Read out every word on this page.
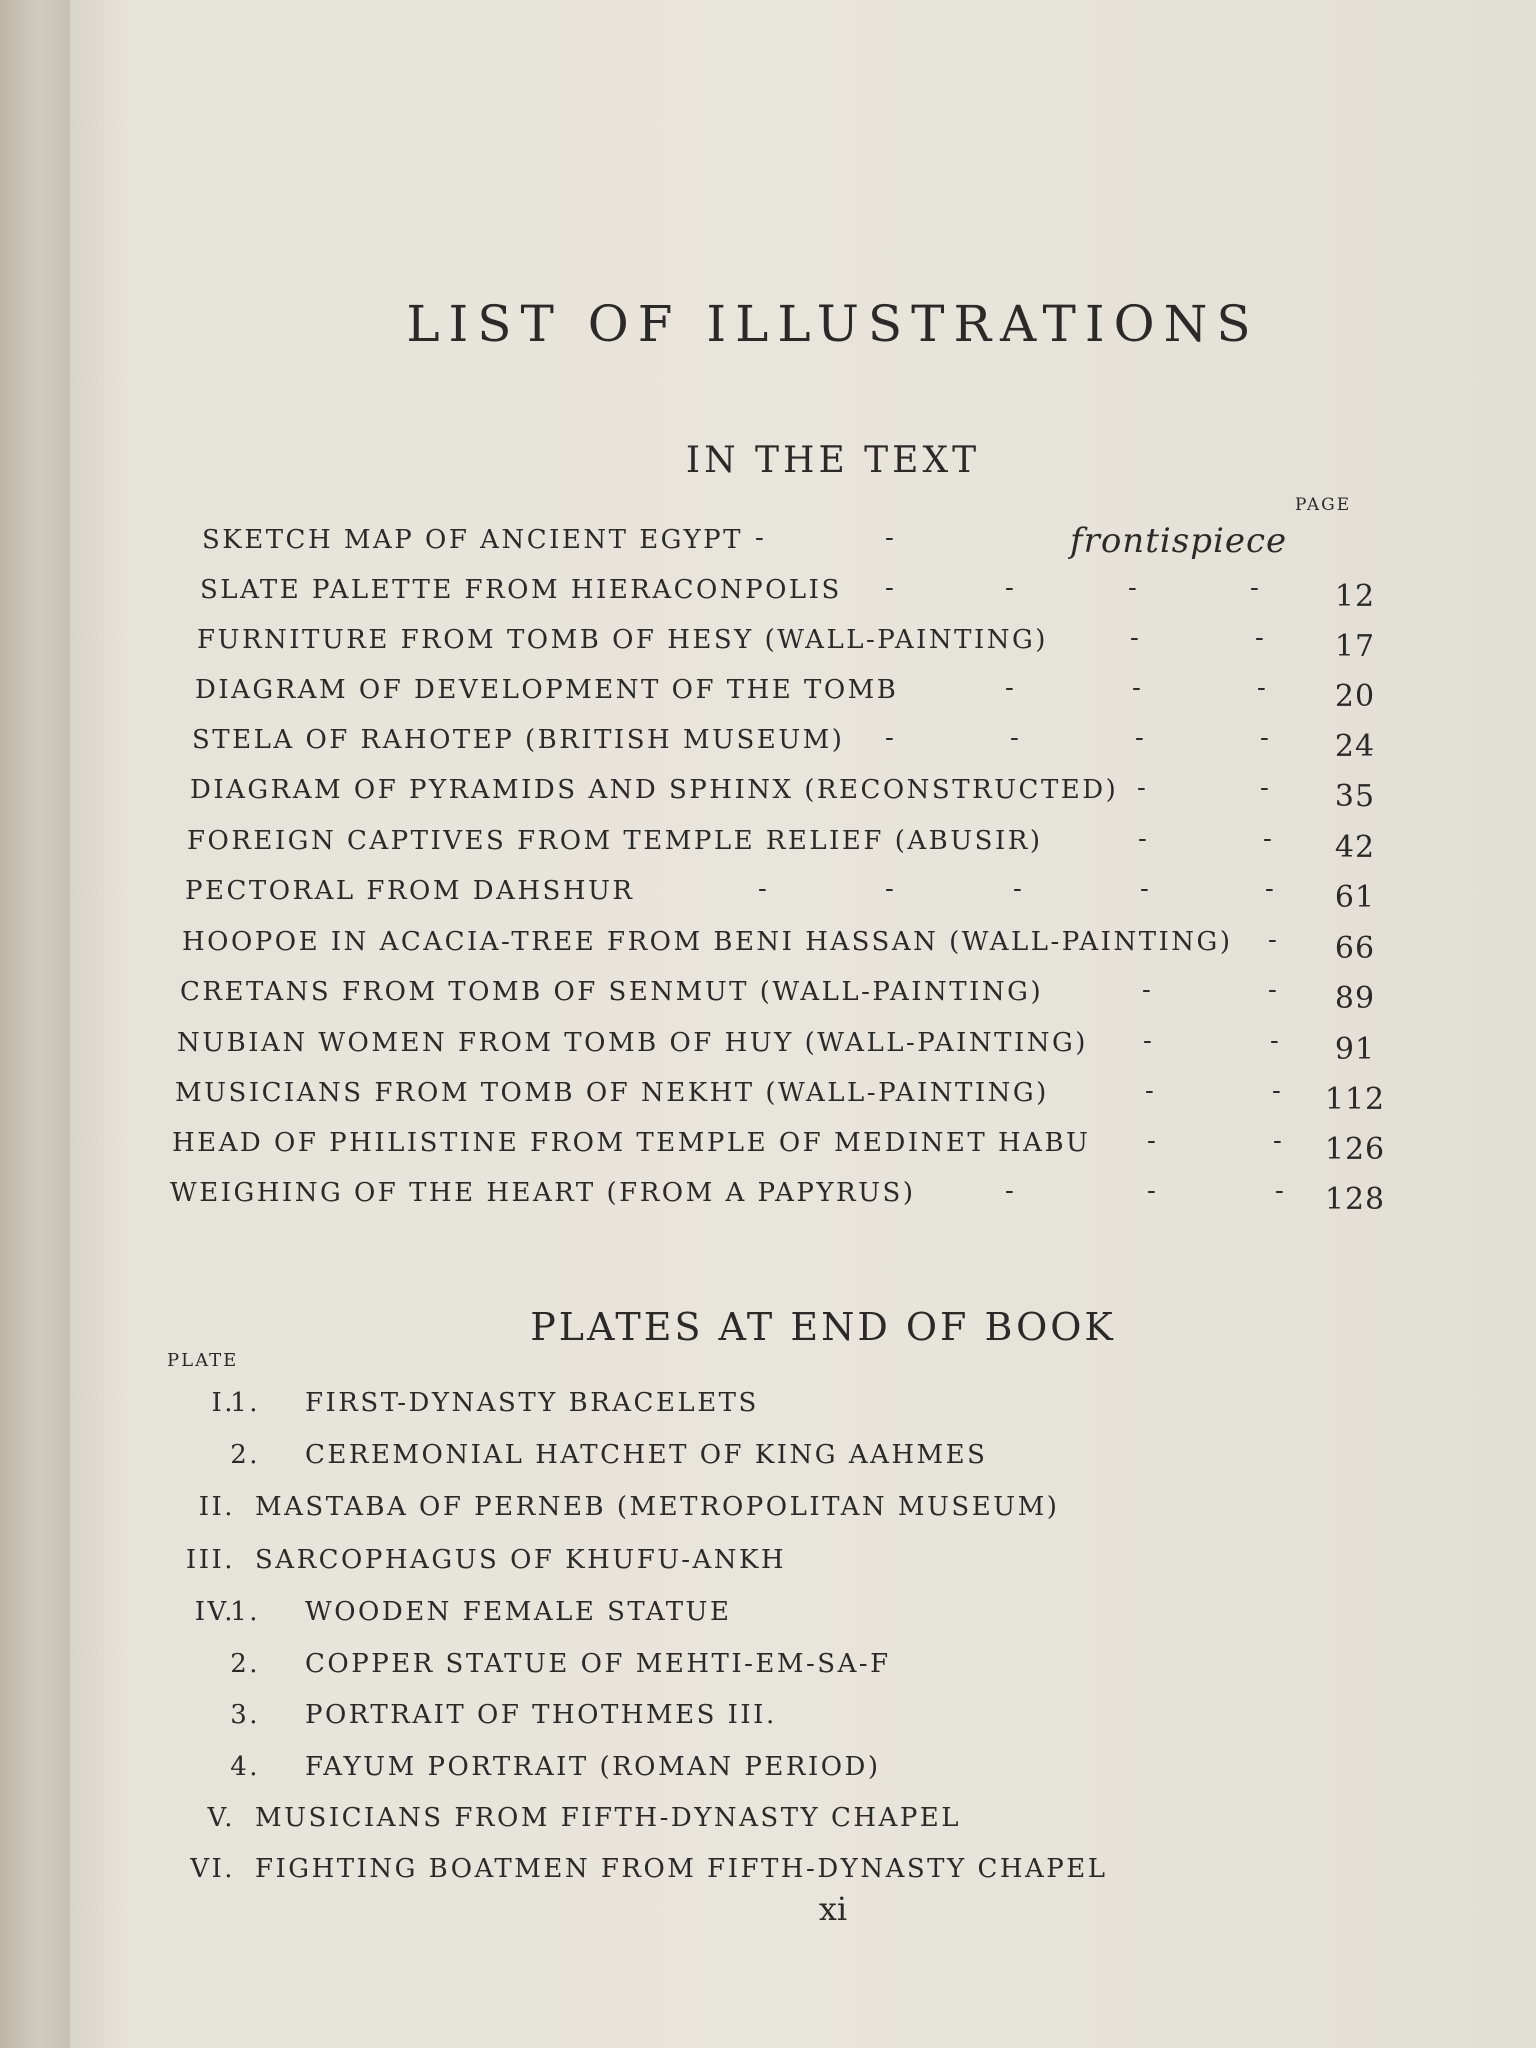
LIST OF ILLUSTRATIONS
IN THE TEXT
PAGE
SKETCH MAP OF ANCIENT EGYPT -	-	frontispiece
SLATE PALETTE FROM HIERACONPOLIS -	-	-	-	12
FURNITURE FROM TOMB OF HESY (WALL-PAINTING)	-	-	17
DIAGRAM OF DEVELOPMENT OF THE TOMB	-	-	-	20
STELA OF RAHOTEP (BRITISH MUSEUM) -	-	-	-	24
DIAGRAM OF PYRAMIDS AND SPHINX (RECONSTRUCTED) -	-	35
FOREIGN CAPTIVES FROM TEMPLE RELIEF (ABUSIR)	-	-	42
PECTORAL FROM DAHSHUR	-	-	-	-	-	61
HOOPOE IN ACACIA-TREE FROM BENI HASSAN (WALL-PAINTING) -	66
CRETANS FROM TOMB OF SENMUT (WALL-PAINTING)	-	-	89
NUBIAN WOMEN FROM TOMB OF HUY (WALL-PAINTING) -	-	91
MUSICIANS FROM TOMB OF NEKHT (WALL-PAINTING)	-	-	112
HEAD OF PHILISTINE FROM TEMPLE OF MEDINET HABU -	-	126
WEIGHING OF THE HEART (FROM A PAPYRUS)	-	-	-	128
PLATES AT END OF BOOK
PLATE
I.
1. FIRST-DYNASTY BRACELETS
2. CEREMONIAL HATCHET OF KING AAHMES
II. MASTABA OF PERNEB (METROPOLITAN MUSEUM)
III. SARCOPHAGUS OF KHUFU-ANKH
IV.
1. WOODEN FEMALE STATUE
2. COPPER STATUE OF MEHTI-EM-SA-F
3. PORTRAIT OF THOTHMES III.
4. FAYUM PORTRAIT (ROMAN PERIOD)
V. MUSICIANS FROM FIFTH-DYNASTY CHAPEL
VI. FIGHTING BOATMEN FROM FIFTH-DYNASTY CHAPEL
xi
